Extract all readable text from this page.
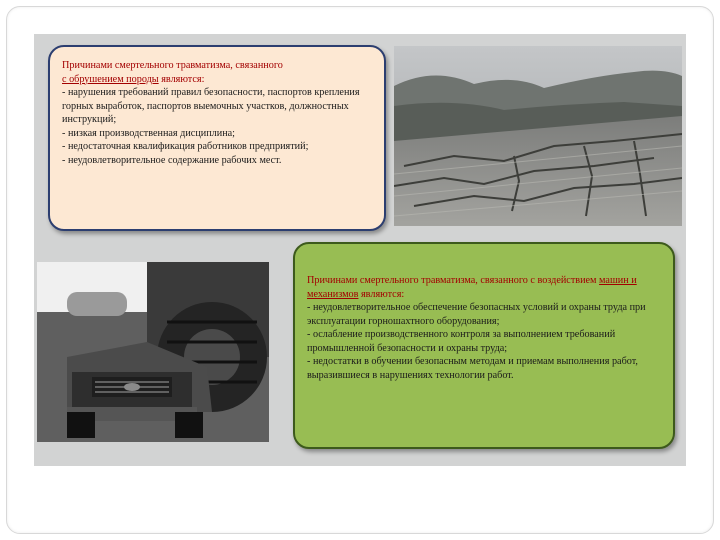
Причинами смертельного травматизма, связанного
с обрушением породы являются:

- нарушения требований правил безопасности, паспортов крепления горных выработок, паспортов выемочных участков, должностных инструкций;

- низкая производственная дисциплина;

- недостаточная квалификация работников предприятий;

- неудовлетворительное содержание рабочих мест.

Причинами смертельного травматизма, связанного с воздействием машин и механизмов являются:

- неудовлетворительное обеспечение безопасных условий и охраны труда при эксплуатации горношахтного оборудования;

- ослабление производственного контроля за выполнением требований промышленной безопасности и охраны труда;

- недостатки в обучении безопасным методам и приемам выполнения работ, выразившиеся в нарушениях технологии работ.
